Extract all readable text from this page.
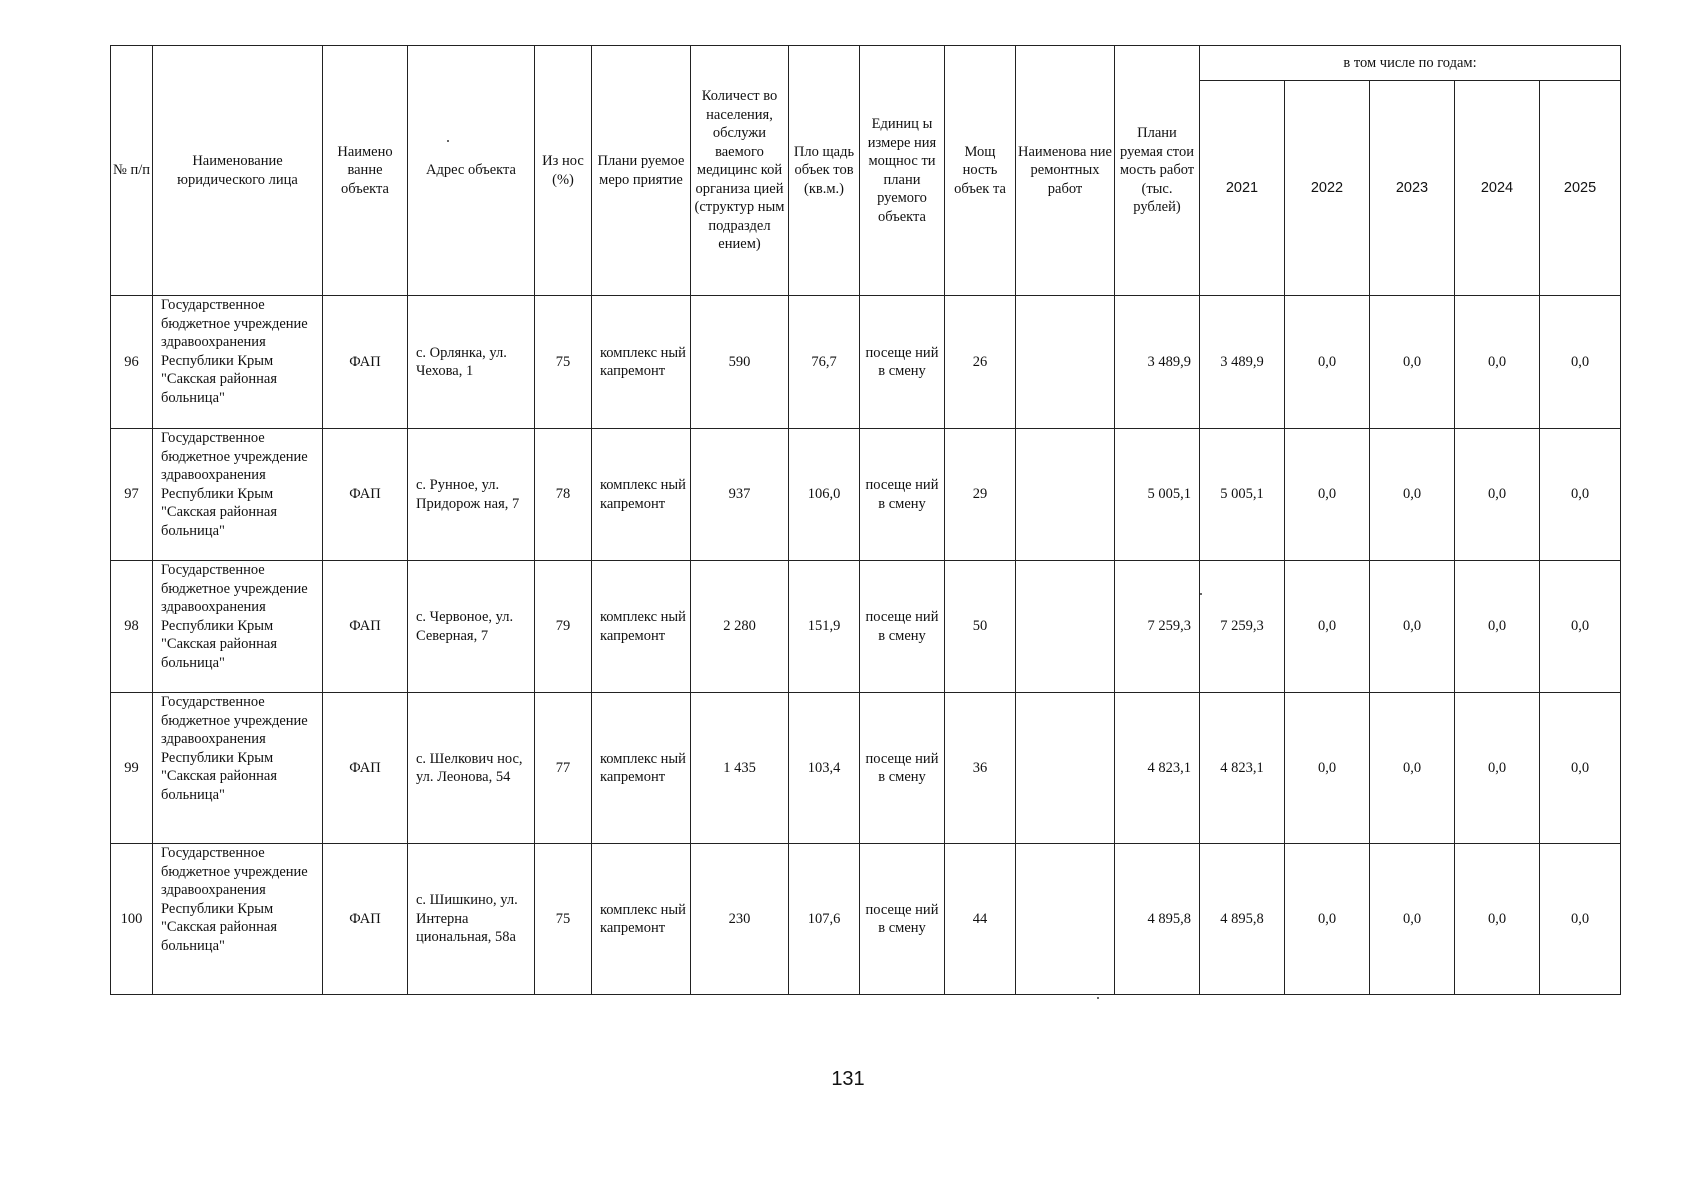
№ п/п	Наименование юридического лица	Наимено ванне объекта	Адрес объекта	Из нос (%)	Плани руемое меро приятие	Количест во населения, обслужи ваемого медицинс кой организа цией (структур ным подраздел ением)	Пло щадь объек тов (кв.м.)	Единиц ы измере ния мощнос ти плани руемого объекта	Мощ ность объек та	Наименова ние ремонтных работ	Плани руемая стои мость работ (тыс. рублей)	в том числе по годам:				
												2021	2022	2023	2024	2025
96	Государственное бюджетное учреждение здравоохранения Республики Крым "Сакская районная больница"	ФАП	с. Орлянка, ул. Чехова, 1	75	комплекс ный капремонт	590	76,7	посеще ний в смену	26		3 489,9	3 489,9	0,0	0,0	0,0	0,0
97	Государственное бюджетное учреждение здравоохранения Республики Крым "Сакская районная больница"	ФАП	с. Рунное, ул. Придорож ная, 7	78	комплекс ный капремонт	937	106,0	посеще ний в смену	29		5 005,1	5 005,1	0,0	0,0	0,0	0,0
98	Государственное бюджетное учреждение здравоохранения Республики Крым "Сакская районная больница"	ФАП	с. Червоное, ул. Северная, 7	79	комплекс ный капремонт	2 280	151,9	посеще ний в смену	50		7 259,3	7 259,3	0,0	0,0	0,0	0,0
99	Государственное бюджетное учреждение здравоохранения Республики Крым "Сакская районная больница"	ФАП	с. Шелкович нос, ул. Леонова, 54	77	комплекс ный капремонт	1 435	103,4	посеще ний в смену	36		4 823,1	4 823,1	0,0	0,0	0,0	0,0
100	Государственное бюджетное учреждение здравоохранения Республики Крым "Сакская районная больница"	ФАП	с. Шишкино, ул. Интерна циональная, 58а	75	комплекс ный капремонт	230	107,6	посеще ний в смену	44		4 895,8	4 895,8	0,0	0,0	0,0	0,0
131
